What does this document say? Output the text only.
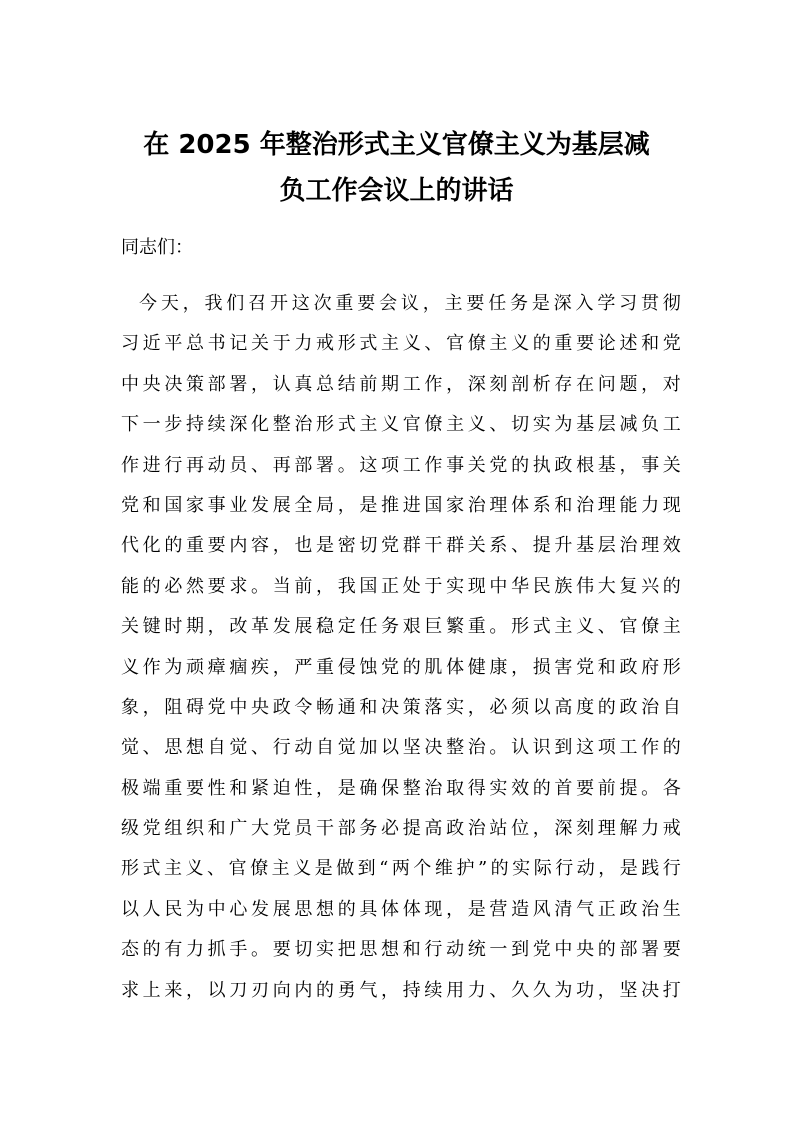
在 2025 年整治形式主义官僚主义为基层减
负工作会议上的讲话

同志们：

今天，我们召开这次重要会议，主要任务是深入学习贯彻
习近平总书记关于力戒形式主义、官僚主义的重要论述和党
中央决策部署，认真总结前期工作，深刻剖析存在问题，对
下一步持续深化整治形式主义官僚主义、切实为基层减负工
作进行再动员、再部署。这项工作事关党的执政根基，事关
党和国家事业发展全局，是推进国家治理体系和治理能力现
代化的重要内容，也是密切党群干群关系、提升基层治理效
能的必然要求。当前，我国正处于实现中华民族伟大复兴的
关键时期，改革发展稳定任务艰巨繁重。形式主义、官僚主
义作为顽瘴痼疾，严重侵蚀党的肌体健康，损害党和政府形
象，阻碍党中央政令畅通和决策落实，必须以高度的政治自
觉、思想自觉、行动自觉加以坚决整治。认识到这项工作的
极端重要性和紧迫性，是确保整治取得实效的首要前提。各
级党组织和广大党员干部务必提高政治站位，深刻理解力戒
形式主义、官僚主义是做到“两个维护”的实际行动，是践行
以人民为中心发展思想的具体体现，是营造风清气正政治生
态的有力抓手。要切实把思想和行动统一到党中央的部署要
求上来，以刀刃向内的勇气，持续用力、久久为功，坚决打
